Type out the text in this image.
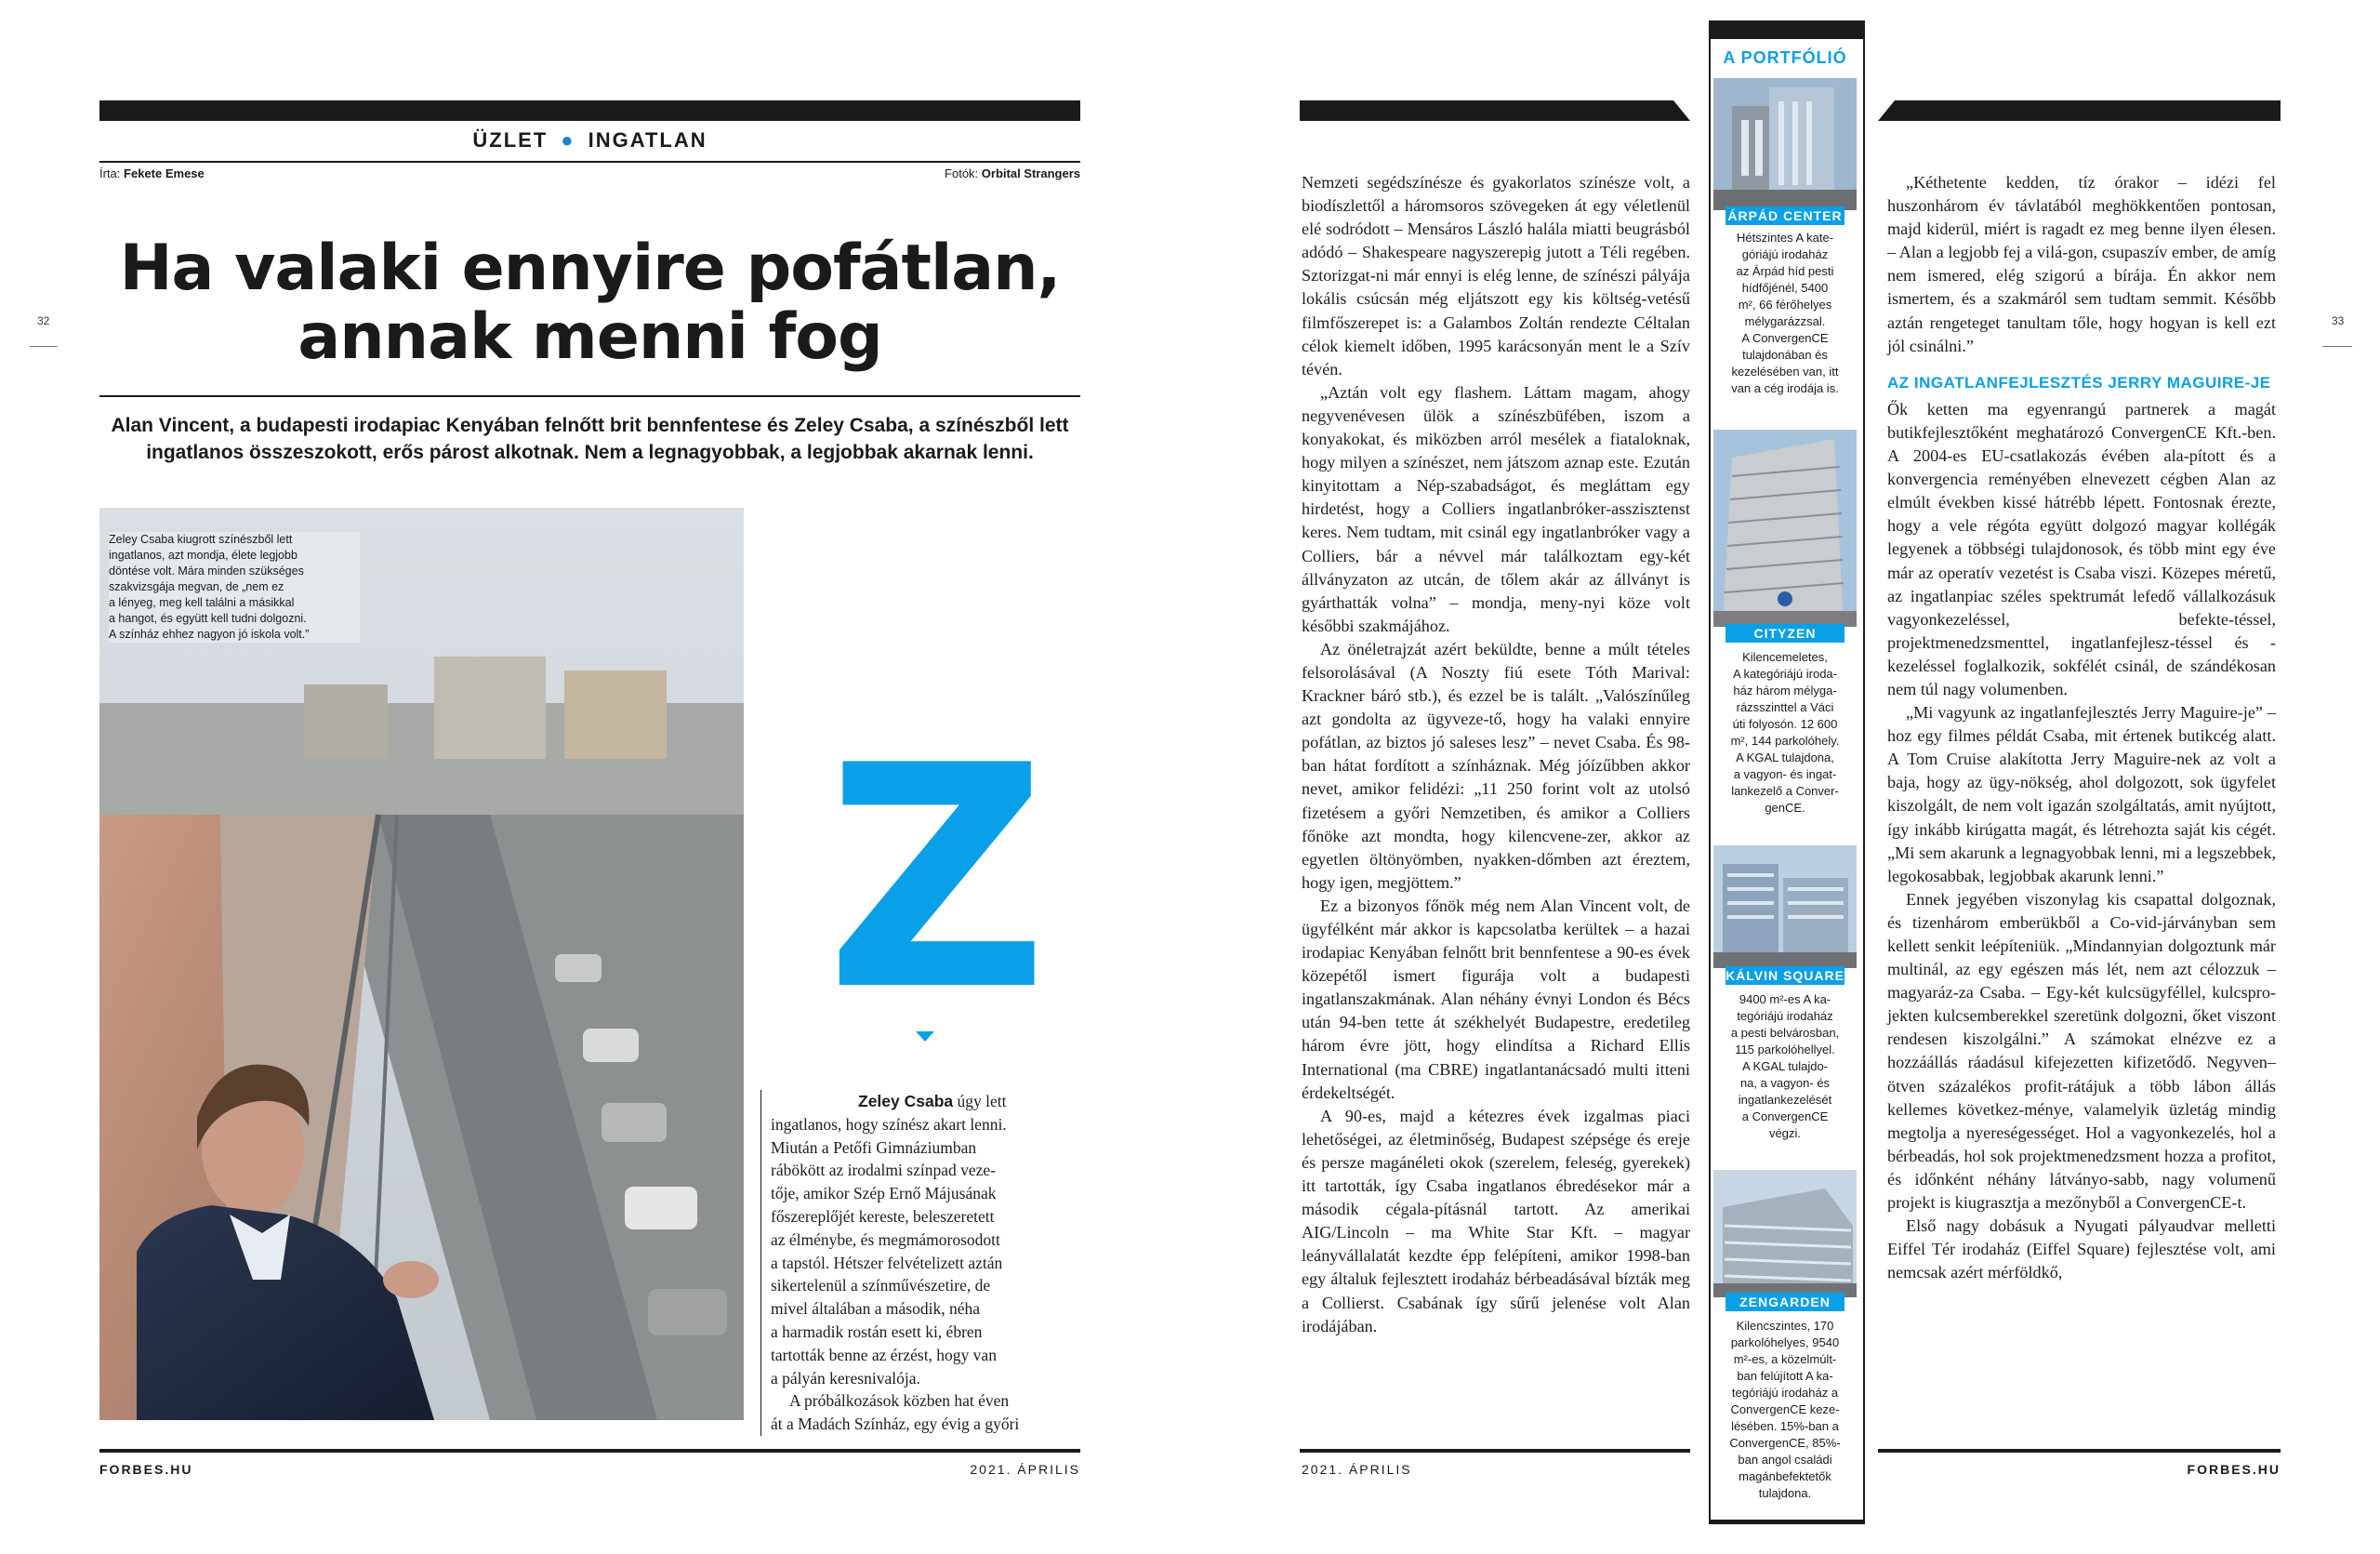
ÜZLET ● INGATLAN
Írta: Fekete Emese	Fotók: Orbital Strangers
32
Ha valaki ennyire pofátlan,
annak menni fog
Alan Vincent, a budapesti irodapiac Kenyában felnőtt brit bennfentese és Zeley Csaba, a színészből lett
ingatlanos összeszokott, erős párost alkotnak. Nem a legnagyobbak, a legjobbak akarnak lenni.
Zeley Csaba kiugrott színészből lett
ingatlanos, azt mondja, élete legjobb
döntése volt. Mára minden szükséges
szakvizsgája megvan, de „nem ez
a lényeg, meg kell találni a másikkal
a hangot, és együtt kell tudni dolgozni.
A színház ehhez nagyon jó iskola volt.”
Z
Zeley Csaba úgy lett
ingatlanos, hogy színész akart lenni.
Miután a Petőfi Gimnáziumban
rábökött az irodalmi színpad veze-
tője, amikor Szép Ernő Májusának
főszereplőjét kereste, beleszeretett
az élménybe, és megmámorosodott
a tapstól. Hétszer felvételizett aztán
sikertelenül a színművészetire, de
mivel általában a második, néha
a harmadik rostán esett ki, ébren
tartották benne az érzést, hogy van
a pályán keresnivalója.
A próbálkozások közben hat éven
át a Madách Színház, egy évig a győri
FORBES.HU	2021. ÁPRILIS
33

Nemzeti segédszínésze és gyakorlatos színésze volt, a biodíszlettől a háromsoros szövegeken át egy véletlenül elé sodródott – Mensáros László halála miatti beugrásból adódó – Shakespeare nagyszerepig jutott a Téli regében. Sztorizgat-ni már ennyi is elég lenne, de színészi pályája lokális csúcsán még eljátszott egy kis költség-vetésű filmfőszerepet is: a Galambos Zoltán rendezte Céltalan célok kiemelt időben, 1995 karácsonyán ment le a Szív tévén.

„Aztán volt egy flashem. Láttam magam, ahogy negyvenévesen ülök a színészbüfében, iszom a konyakokat, és miközben arról mesélek a fiataloknak, hogy milyen a színészet, nem játszom aznap este. Ezután kinyitottam a Nép-szabadságot, és megláttam egy hirdetést, hogy a Colliers ingatlanbróker-asszisztenst keres. Nem tudtam, mit csinál egy ingatlanbróker vagy a Colliers, bár a névvel már találkoztam egy-két állványzaton az utcán, de tőlem akár az állványt is gyárthatták volna” – mondja, meny-nyi köze volt későbbi szakmájához.

Az önéletrajzát azért beküldte, benne a múlt tételes felsorolásával (A Noszty fiú esete Tóth Marival: Krackner báró stb.), és ezzel be is talált. „Valószínűleg azt gondolta az ügyveze-tő, hogy ha valaki ennyire pofátlan, az biztos jó saleses lesz” – nevet Csaba. És 98-ban hátat fordított a színháznak. Még jóízűbben akkor nevet, amikor felidézi: „11 250 forint volt az utolsó fizetésem a győri Nemzetiben, és amikor a Colliers főnöke azt mondta, hogy kilencvene-zer, akkor az egyetlen öltönyömben, nyakken-dőmben azt éreztem, hogy igen, megjöttem.”

Ez a bizonyos főnök még nem Alan Vincent volt, de ügyfélként már akkor is kapcsolatba kerültek – a hazai irodapiac Kenyában felnőtt brit bennfentese a 90-es évek közepétől ismert figurája volt a budapesti ingatlanszakmának. Alan néhány évnyi London és Bécs után 94-ben tette át székhelyét Budapestre, eredetileg három évre jött, hogy elindítsa a Richard Ellis International (ma CBRE) ingatlantanácsadó multi itteni érdekeltségét.

A 90-es, majd a kétezres évek izgalmas piaci lehetőségei, az életminőség, Budapest szépsége és ereje és persze magánéleti okok (szerelem, feleség, gyerekek) itt tartották, így Csaba ingatlanos ébredésekor már a második cégala-pításnál tartott. Az amerikai AIG/Lincoln – ma White Star Kft. – magyar leányvállalatát kezdte épp felépíteni, amikor 1998-ban egy általuk fejlesztett irodaház bérbeadásával bízták meg a Collierst. Csabának így sűrű jelenése volt Alan irodájában.

„Kéthetente kedden, tíz órakor – idézi fel huszonhárom év távlatából meghökkentően pontosan, majd kiderül, miért is ragadt ez meg benne ilyen élesen. – Alan a legjobb fej a vilá-gon, csupaszív ember, de amíg nem ismered, elég szigorú a bírája. Én akkor nem ismertem, és a szakmáról sem tudtam semmit. Később aztán rengeteget tanultam tőle, hogy hogyan is kell ezt jól csinálni.”

AZ INGATLANFEJLESZTÉS JERRY MAGUIRE-JE

Ők ketten ma egyenrangú partnerek a magát butikfejlesztőként meghatározó ConvergenCE Kft.-ben. A 2004-es EU-csatlakozás évében ala-pított és a konvergencia reményében elnevezett cégben Alan az elmúlt években kissé hátrébb lépett. Fontosnak érezte, hogy a vele régóta együtt dolgozó magyar kollégák legyenek a többségi tulajdonosok, és több mint egy éve már az operatív vezetést is Csaba viszi. Közepes méretű, az ingatlanpiac széles spektrumát lefedő vállalkozásuk vagyonkezeléssel, befekte-téssel, projektmenedzsmenttel, ingatlanfejlesz-téssel és -kezeléssel foglalkozik, sokfélét csinál, de szándékosan nem túl nagy volumenben.

„Mi vagyunk az ingatlanfejlesztés Jerry Maguire-je” – hoz egy filmes példát Csaba, mit értenek butikcég alatt. A Tom Cruise alakította Jerry Maguire-nek az volt a baja, hogy az ügy-nökség, ahol dolgozott, sok ügyfelet kiszolgált, de nem volt igazán szolgáltatás, amit nyújtott, így inkább kirúgatta magát, és létrehozta saját kis cégét. „Mi sem akarunk a legnagyobbak lenni, mi a legszebbek, legokosabbak, legjobbak akarunk lenni.”

Ennek jegyében viszonylag kis csapattal dolgoznak, és tizenhárom emberükből a Co-vid-járványban sem kellett senkit leépíteniük. „Mindannyian dolgoztunk már multinál, az egy egészen más lét, nem azt célozzuk – magyaráz-za Csaba. – Egy-két kulcsügyféllel, kulcspro-jekten kulcsemberekkel szeretünk dolgozni, őket viszont rendesen kiszolgálni.” A számokat elnézve ez a hozzáállás ráadásul kifejezetten kifizetődő. Negyven–ötven százalékos profit-rátájuk a több lábon állás kellemes következ-ménye, valamelyik üzletág mindig megtolja a nyereségességet. Hol a vagyonkezelés, hol a bérbeadás, hol sok projektmenedzsment hozza a profitot, és időnként néhány látványo-sabb, nagy volumenű projekt is kiugrasztja a mezőnyből a ConvergenCE-t.

Első nagy dobásuk a Nyugati pályaudvar melletti Eiffel Tér irodaház (Eiffel Square) fejlesztése volt, ami nemcsak azért mérföldkő,

2021. ÁPRILIS	FORBES.HU
A PORTFÓLIÓ
ÁRPÁD CENTER
Hétszintes A kate-
góriájú irodaház
az Árpád híd pesti
hídfőjénél, 5400
m², 66 férőhelyes
mélygarázzsal.
A ConvergenCE
tulajdonában és
kezelésében van, itt
van a cég irodája is.
CITYZEN
Kilencemeletes,
A kategóriájú iroda-
ház három mélyga-
rázsszinttel a Váci
úti folyosón. 12 600
m², 144 parkolóhely.
A KGAL tulajdona,
a vagyon- és ingat-
lankezelő a Conver-
genCE.
KÁLVIN SQUARE
9400 m²-es A ka-
tegóriájú irodaház
a pesti belvárosban,
115 parkolóhellyel.
A KGAL tulajdo-
na, a vagyon- és
ingatlankezelését
a ConvergenCE
végzi.
ZENGARDEN
Kilencszintes, 170
parkolóhelyes, 9540
m²-es, a közelmúlt-
ban felújított A ka-
tegóriájú irodaház a
ConvergenCE keze-
lésében. 15%-ban a
ConvergenCE, 85%-
ban angol családi
magánbefektetők
tulajdona.
